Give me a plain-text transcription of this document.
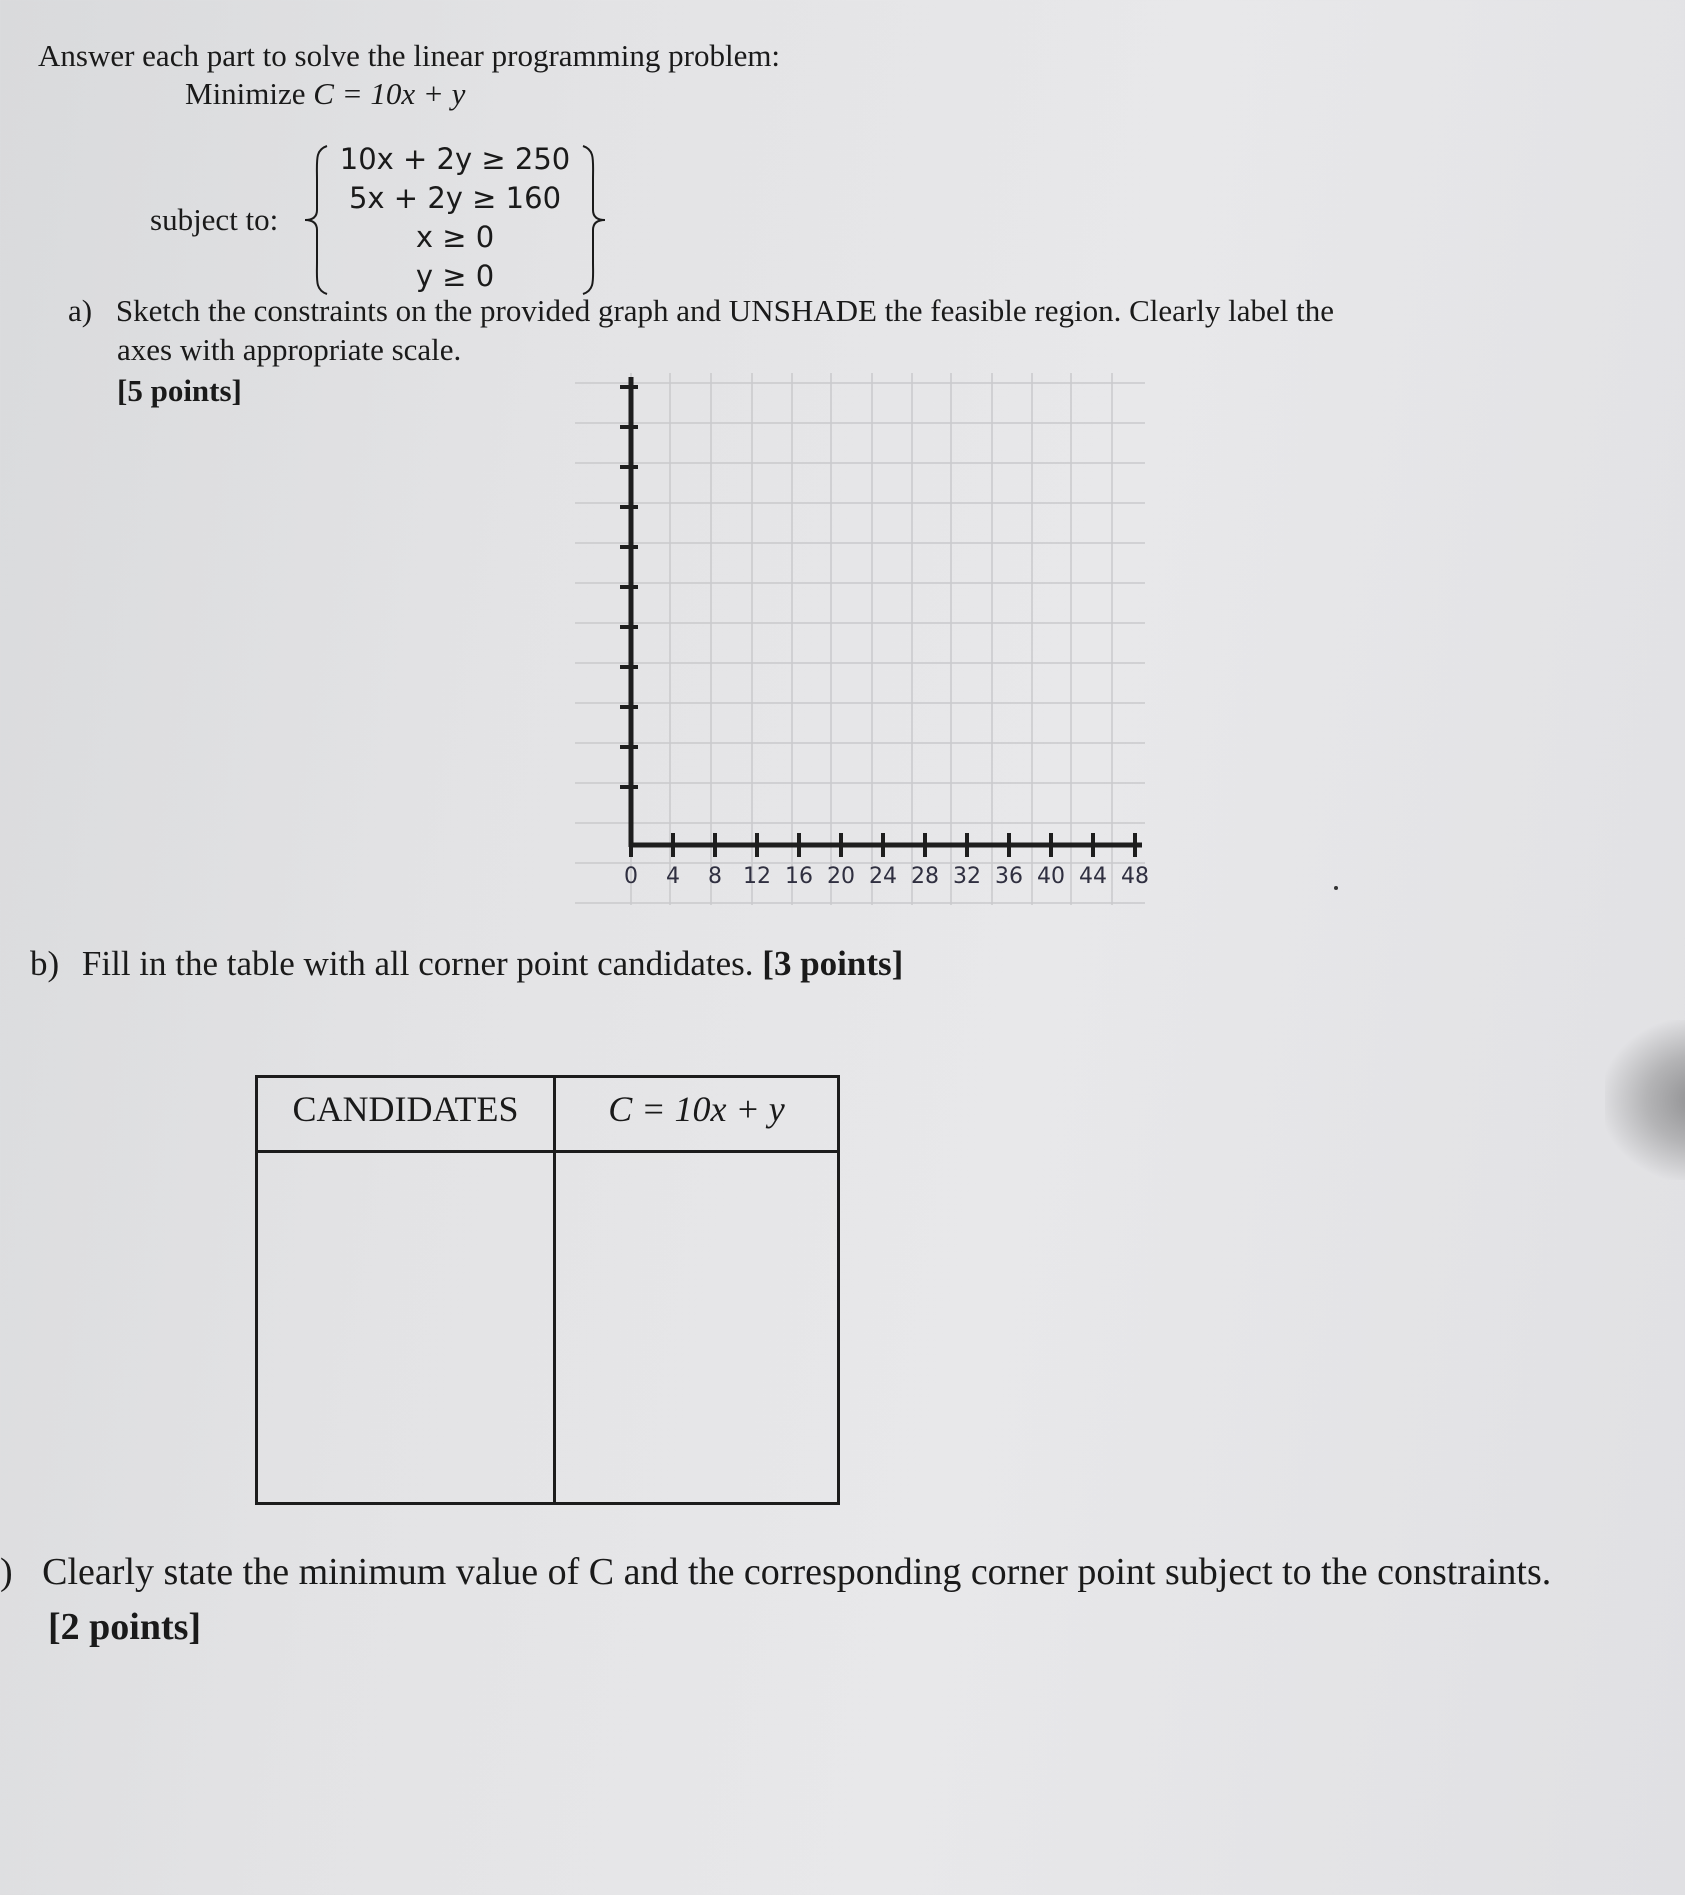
Answer each part to solve the linear programming problem:
Minimize C = 10x + y
subject to:
10x + 2y ≥ 250
5x + 2y ≥ 160
x ≥ 0
y ≥ 0
a) Sketch the constraints on the provided graph and UNSHADE the feasible region. Clearly label the
axes with appropriate scale.
[5 points]
0 4 8 12 16 20 24 28 32 36 40 44 48
b) Fill in the table with all corner point candidates. [3 points]
CANDIDATES	C = 10x + y
) Clearly state the minimum value of C and the corresponding corner point subject to the constraints.
[2 points]
